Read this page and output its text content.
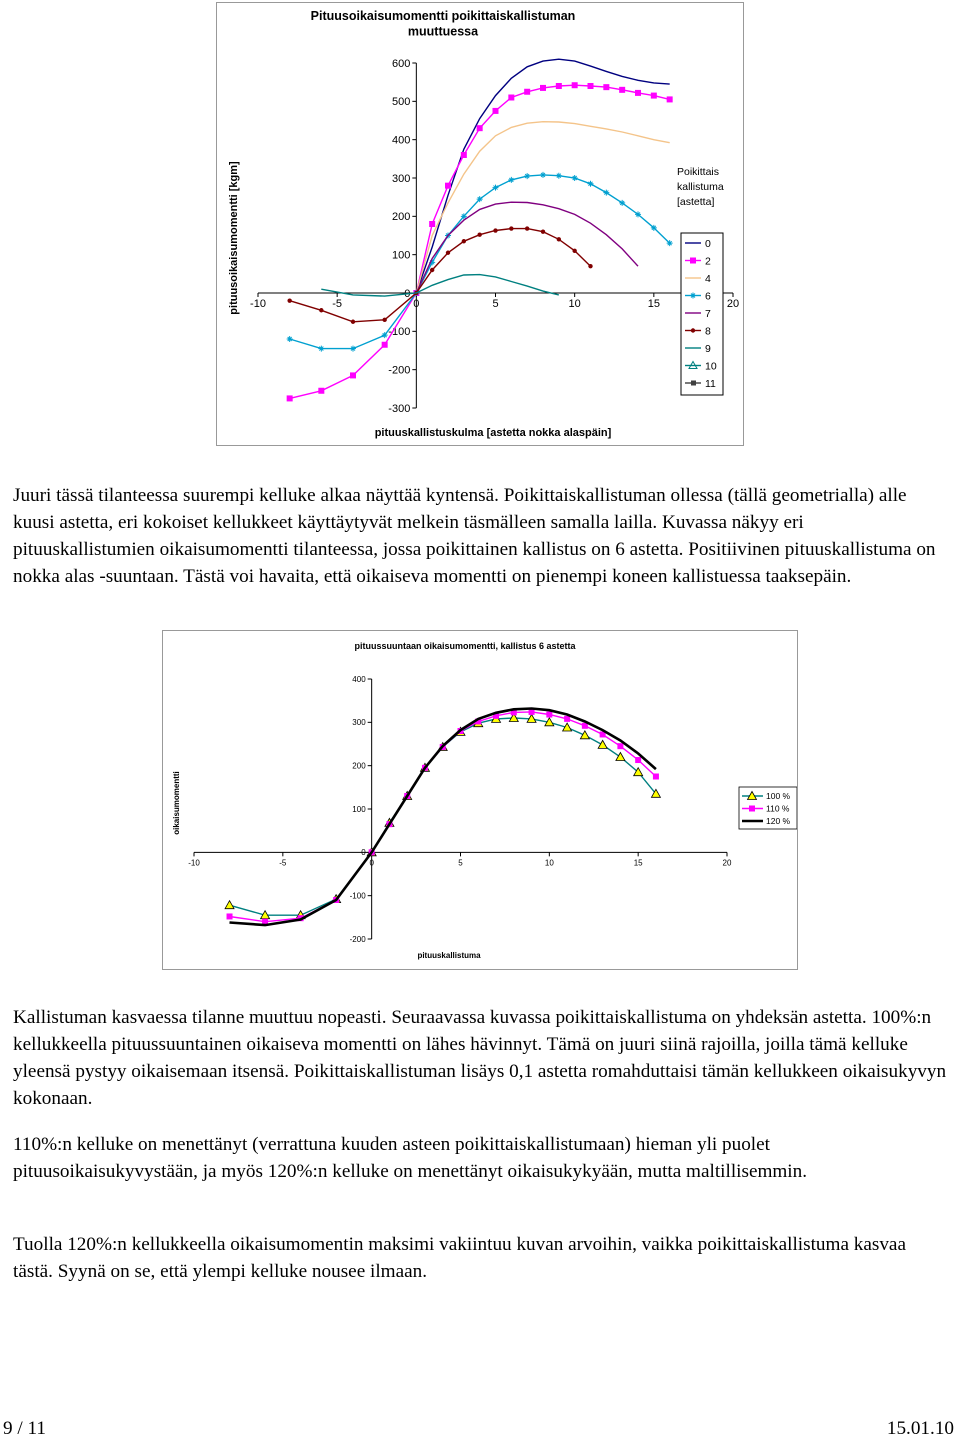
Pituusoikaisumomentti poikittaiskallistuman muuttuessa
-10	-5	0	5	10	15	20
-300
-200
-100
0
100
200
300
400
500
600
pituuskallistuskulma [astetta nokka alaspäin]
pituusoikaisumomentti [kgm]	Poikittais kallistuma [astetta]
0
2
4
6
7
8
9
10
11

Juuri tässä tilanteessa suurempi kelluke alkaa näyttää kyntensä. Poikittaiskallistuman ollessa (tällä geometrialla) alle kuusi astetta, eri kokoiset kellukkeet käyttäytyvät melkein täsmälleen samalla lailla. Kuvassa näkyy eri pituuskallistumien oikaisumomentti tilanteessa, jossa poikittainen kallistus on 6 astetta. Positiivinen pituuskallistuma on nokka alas -suuntaan. Tästä voi havaita, että oikaiseva momentti on pienempi koneen kallistuessa taaksepäin.

pituussuuntaan oikaisumomentti, kallistus 6 astetta
-10	-5	0	5	10	15	20
-200
-100
0
100
200
300
400
pituuskallistuma
oikaisumomentti	100 %
110 %
120 %

Kallistuman kasvaessa tilanne muuttuu nopeasti. Seuraavassa kuvassa poikittaiskallistuma on yhdeksän astetta. 100%:n kellukkeella pituussuuntainen oikaiseva momentti on lähes hävinnyt. Tämä on juuri siinä rajoilla, joilla tämä kelluke yleensä pystyy oikaisemaan itsensä. Poikittaiskallistuman lisäys 0,1 astetta romahduttaisi tämän kellukkeen oikaisukyvyn kokonaan.

110%:n kelluke on menettänyt (verrattuna kuuden asteen poikittaiskallistumaan) hieman yli puolet pituusoikaisukyvystään, ja myös 120%:n kelluke on menettänyt oikaisukykyään, mutta maltillisemmin.

Tuolla 120%:n kellukkeella oikaisumomentin maksimi vakiintuu kuvan arvoihin, vaikka poikittaiskallistuma kasvaa tästä. Syynä on se, että ylempi kelluke nousee ilmaan.

9 / 11	15.01.10
